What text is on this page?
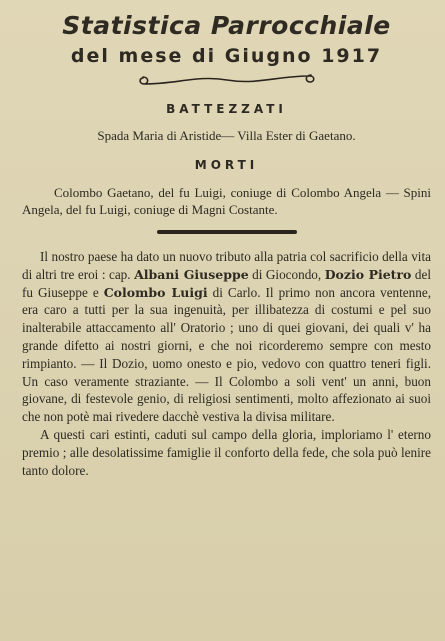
Statistica Parrocchiale
del mese di Giugno 1917
BATTEZZATI
Spada Maria di Aristide— Villa Ester di Gaetano.
MORTI
Colombo Gaetano, del fu Luigi, coniuge di Colombo Angela — Spini Angela, del fu Luigi, coniuge di Magni Costante.

Il nostro paese ha dato un nuovo tributo alla patria col sacrificio della vita di altri tre eroi : cap. Albani Giuseppe di Giocondo, Dozio Pietro del fu Giuseppe e Colombo Luigi di Carlo. Il primo non ancora ventenne, era caro a tutti per la sua ingenuità, per illibatezza di costumi e pel suo inalterabile attaccamento all' Oratorio ; uno di quei giovani, dei quali v' ha grande difetto ai nostri giorni, e che noi ricorderemo sempre con mesto rimpianto. — Il Dozio, uomo onesto e pio, vedovo con quattro teneri figli. Un caso veramente straziante. — Il Colombo a soli vent' un anni, buon giovane, di festevole genio, di religiosi sentimenti, molto affezionato ai suoi che non potè mai rivedere dacchè vestiva la divisa militare.

A questi cari estinti, caduti sul campo della gloria, imploriamo l' eterno premio ; alle desolatissime famiglie il conforto della fede, che sola può lenire tanto dolore.
